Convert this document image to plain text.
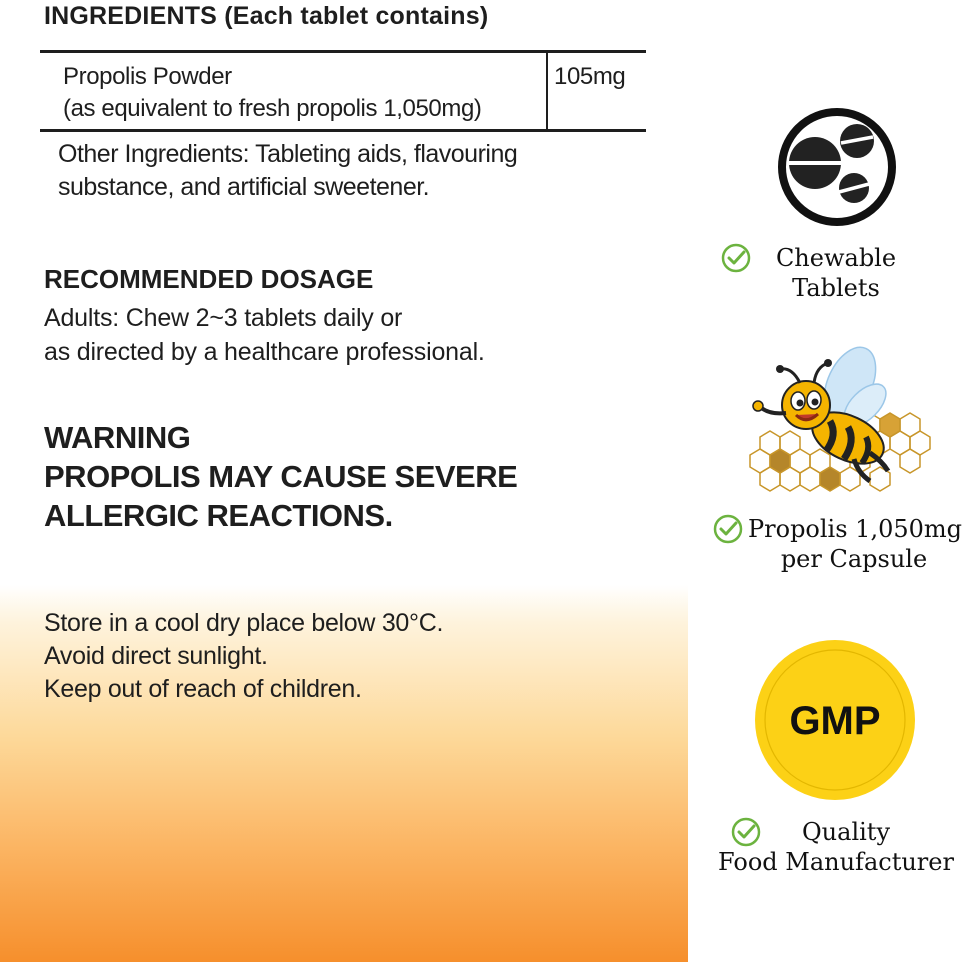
INGREDIENTS (Each tablet contains)
Propolis Powder
(as equivalent to fresh propolis 1,050mg)
105mg
Other Ingredients: Tableting aids, flavouring
substance, and artificial sweetener.
RECOMMENDED DOSAGE
Adults: Chew 2~3 tablets daily or
as directed by a healthcare professional.
WARNING
PROPOLIS MAY CAUSE SEVERE
ALLERGIC REACTIONS.
Store in a cool dry place below 30°C.
Avoid direct sunlight.
Keep out of reach of children.
Chewable
Tablets
Propolis 1,050mg
per Capsule
GMP
Quality
Food Manufacturer
